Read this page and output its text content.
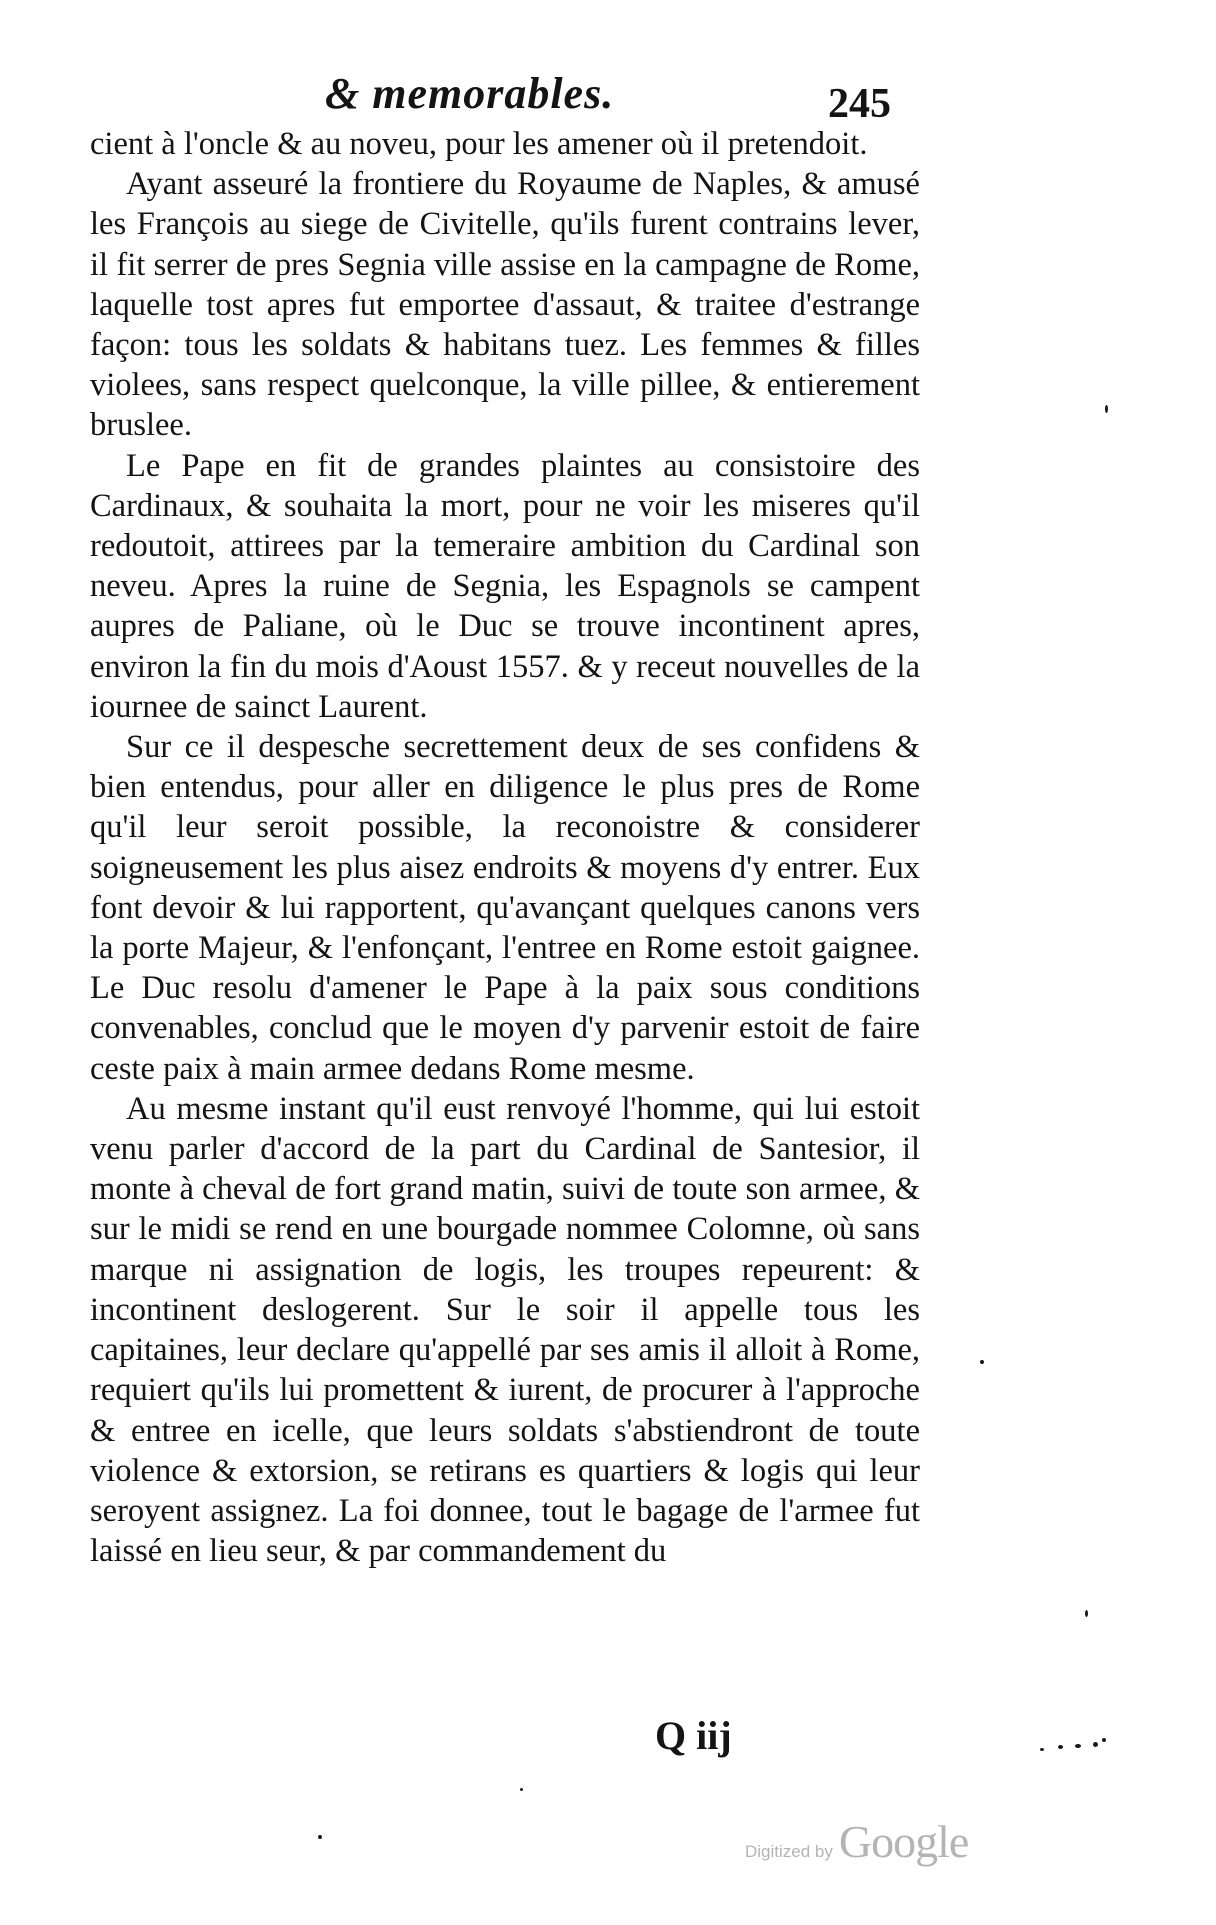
& memorables.	245

cient à l'oncle & au noveu, pour les amener où il pretendoit.

Ayant asseuré la frontiere du Royaume de Naples, & amusé les François au siege de Civitelle, qu'ils furent contrains lever, il fit serrer de pres Segnia ville assise en la campagne de Rome, laquelle tost apres fut emportee d'assaut, & traitee d'estrange façon: tous les soldats & habitans tuez. Les femmes & filles violees, sans respect quelconque, la ville pillee, & entierement bruslee.

Le Pape en fit de grandes plaintes au consistoire des Cardinaux, & souhaita la mort, pour ne voir les miseres qu'il redoutoit, attirees par la temeraire ambition du Cardinal son neveu. Apres la ruine de Segnia, les Espagnols se campent aupres de Paliane, où le Duc se trouve incontinent apres, environ la fin du mois d'Aoust 1557. & y receut nouvelles de la iournee de sainct Laurent.

Sur ce il despesche secrettement deux de ses confidens & bien entendus, pour aller en diligence le plus pres de Rome qu'il leur seroit possible, la reconoistre & considerer soigneusement les plus aisez endroits & moyens d'y entrer. Eux font devoir & lui rapportent, qu'avançant quelques canons vers la porte Majeur, & l'enfonçant, l'entree en Rome estoit gaignee. Le Duc resolu d'amener le Pape à la paix sous conditions convenables, conclud que le moyen d'y parvenir estoit de faire ceste paix à main armee dedans Rome mesme.

Au mesme instant qu'il eust renvoyé l'homme, qui lui estoit venu parler d'accord de la part du Cardinal de Santesior, il monte à cheval de fort grand matin, suivi de toute son armee, & sur le midi se rend en une bourgade nommee Colomne, où sans marque ni assignation de logis, les troupes repeurent: & incontinent deslogerent. Sur le soir il appelle tous les capitaines, leur declare qu'appellé par ses amis il alloit à Rome, requiert qu'ils lui promettent & iurent, de procurer à l'approche & entree en icelle, que leurs soldats s'abstiendront de toute violence & extorsion, se retirans es quartiers & logis qui leur seroyent assignez. La foi donnee, tout le bagage de l'armee fut laissé en lieu seur, & par commandement du

Q iij
Digitized by Google
